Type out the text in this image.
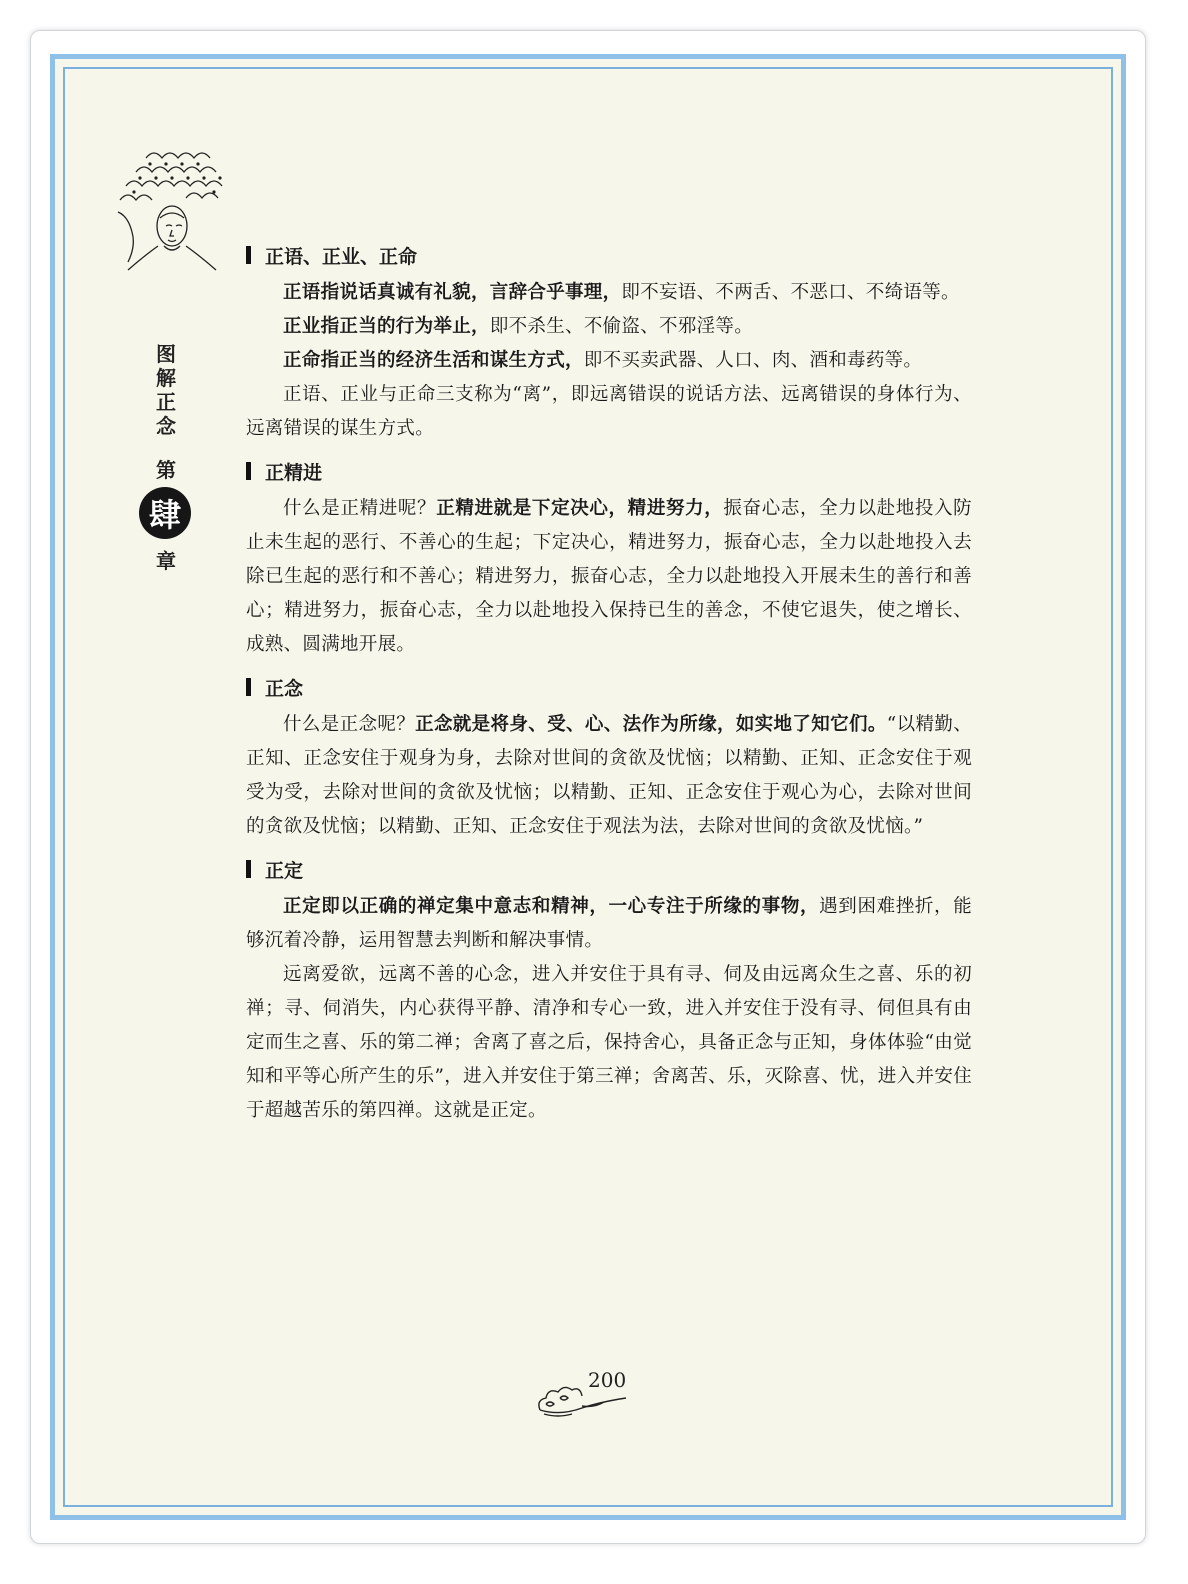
图
解
正
念
第
肆
章
正语、正业、正命

正语指说话真诚有礼貌，言辞合乎事理，即不妄语、不两舌、不恶口、不绮语等。

正业指正当的行为举止，即不杀生、不偷盗、不邪淫等。

正命指正当的经济生活和谋生方式，即不买卖武器、人口、肉、酒和毒药等。

正语、正业与正命三支称为“离”，即远离错误的说话方法、远离错误的身体行为、远离错误的谋生方式。

正精进

什么是正精进呢？正精进就是下定决心，精进努力，振奋心志，全力以赴地投入防止未生起的恶行、不善心的生起；下定决心，精进努力，振奋心志，全力以赴地投入去除已生起的恶行和不善心；精进努力，振奋心志，全力以赴地投入开展未生的善行和善心；精进努力，振奋心志，全力以赴地投入保持已生的善念，不使它退失，使之增长、成熟、圆满地开展。

正念

什么是正念呢？正念就是将身、受、心、法作为所缘，如实地了知它们。“以精勤、正知、正念安住于观身为身，去除对世间的贪欲及忧恼；以精勤、正知、正念安住于观受为受，去除对世间的贪欲及忧恼；以精勤、正知、正念安住于观心为心，去除对世间的贪欲及忧恼；以精勤、正知、正念安住于观法为法，去除对世间的贪欲及忧恼。”

正定

正定即以正确的禅定集中意志和精神，一心专注于所缘的事物，遇到困难挫折，能够沉着冷静，运用智慧去判断和解决事情。

远离爱欲，远离不善的心念，进入并安住于具有寻、伺及由远离众生之喜、乐的初禅；寻、伺消失，内心获得平静、清净和专心一致，进入并安住于没有寻、伺但具有由定而生之喜、乐的第二禅；舍离了喜之后，保持舍心，具备正念与正知，身体体验“由觉知和平等心所产生的乐”，进入并安住于第三禅；舍离苦、乐，灭除喜、忧，进入并安住于超越苦乐的第四禅。这就是正定。

200
